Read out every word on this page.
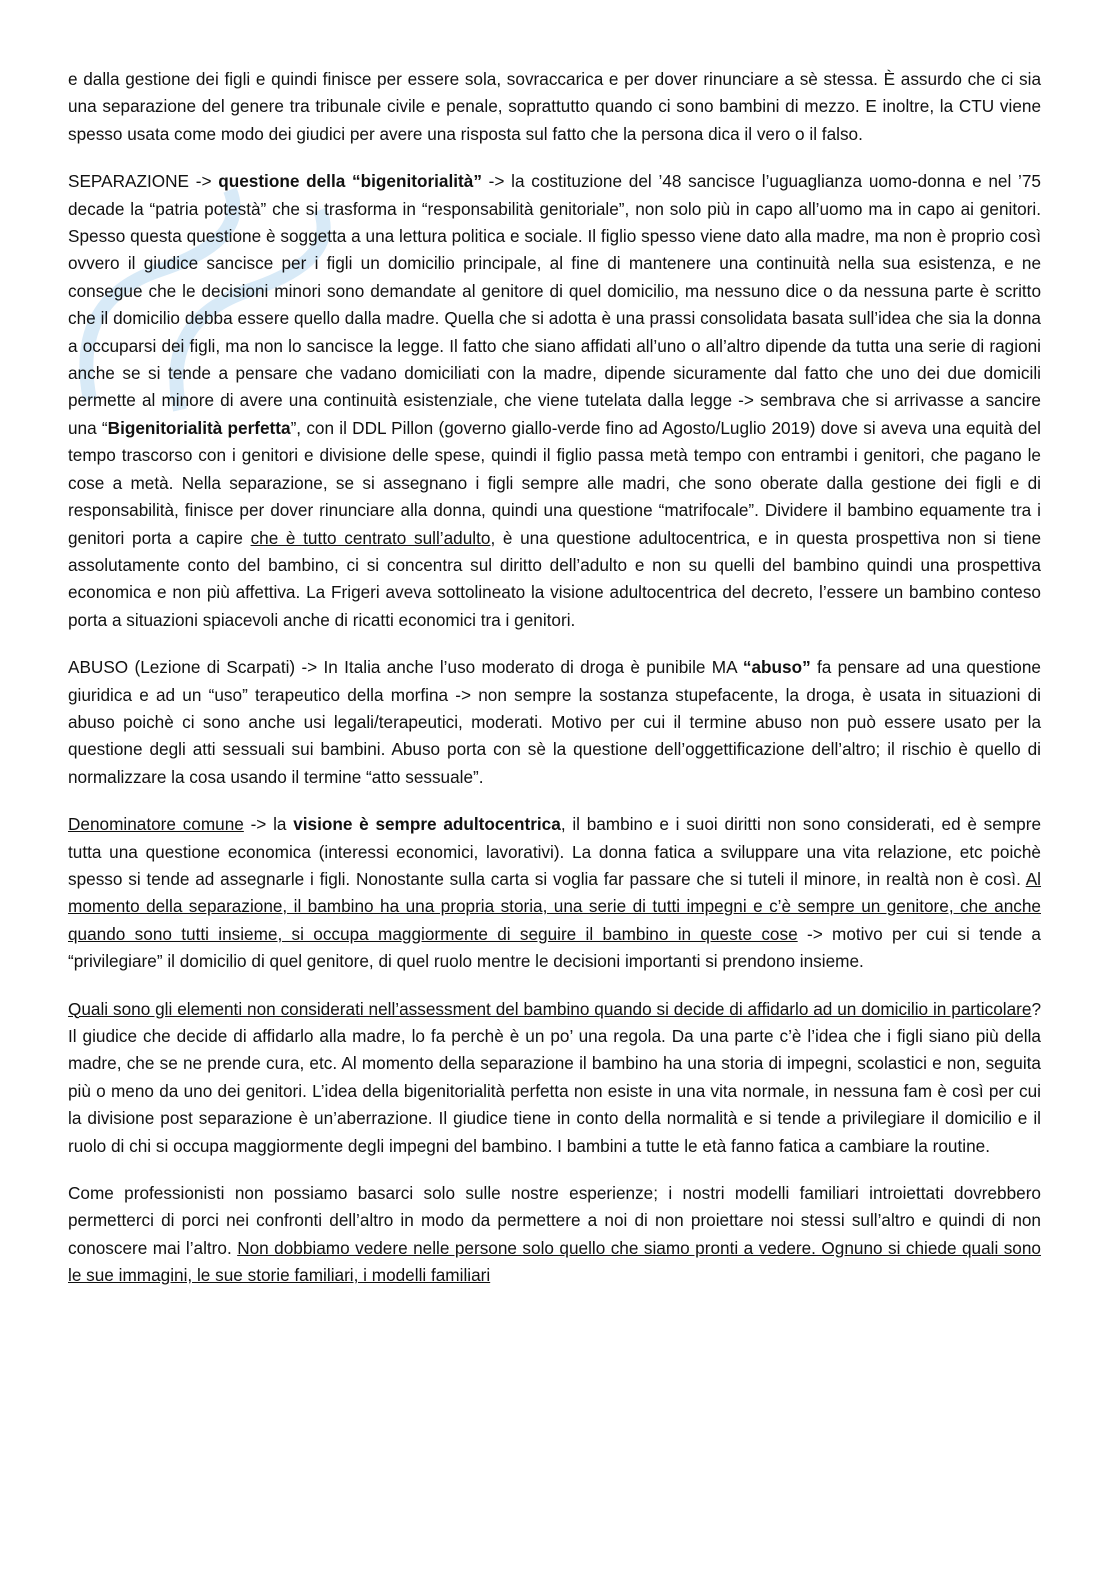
e dalla gestione dei figli e quindi finisce per essere sola, sovraccarica e per dover rinunciare a sè stessa. È assurdo che ci sia una separazione del genere tra tribunale civile e penale, soprattutto quando ci sono bambini di mezzo. E inoltre, la CTU viene spesso usata come modo dei giudici per avere una risposta sul fatto che la persona dica il vero o il falso.

SEPARAZIONE -> questione della “bigenitorialità” -> la costituzione del ’48 sancisce l’uguaglianza uomo-donna e nel ’75 decade la “patria potestà” che si trasforma in “responsabilità genitoriale”, non solo più in capo all’uomo ma in capo ai genitori. Spesso questa questione è soggetta a una lettura politica e sociale. Il figlio spesso viene dato alla madre, ma non è proprio così ovvero il giudice sancisce per i figli un domicilio principale, al fine di mantenere una continuità nella sua esistenza, e ne consegue che le decisioni minori sono demandate al genitore di quel domicilio, ma nessuno dice o da nessuna parte è scritto che il domicilio debba essere quello dalla madre. Quella che si adotta è una prassi consolidata basata sull’idea che sia la donna a occuparsi dei figli, ma non lo sancisce la legge. Il fatto che siano affidati all’uno o all’altro dipende da tutta una serie di ragioni anche se si tende a pensare che vadano domiciliati con la madre, dipende sicuramente dal fatto che uno dei due domicili permette al minore di avere una continuità esistenziale, che viene tutelata dalla legge -> sembrava che si arrivasse a sancire una “Bigenitorialità perfetta”, con il DDL Pillon (governo giallo-verde fino ad Agosto/Luglio 2019) dove si aveva una equità del tempo trascorso con i genitori e divisione delle spese, quindi il figlio passa metà tempo con entrambi i genitori, che pagano le cose a metà. Nella separazione, se si assegnano i figli sempre alle madri, che sono oberate dalla gestione dei figli e di responsabilità, finisce per dover rinunciare alla donna, quindi una questione “matrifocale”. Dividere il bambino equamente tra i genitori porta a capire che è tutto centrato sull’adulto, è una questione adultocentrica, e in questa prospettiva non si tiene assolutamente conto del bambino, ci si concentra sul diritto dell’adulto e non su quelli del bambino quindi una prospettiva economica e non più affettiva. La Frigeri aveva sottolineato la visione adultocentrica del decreto, l’essere un bambino conteso porta a situazioni spiacevoli anche di ricatti economici tra i genitori.

ABUSO (Lezione di Scarpati) -> In Italia anche l’uso moderato di droga è punibile MA “abuso” fa pensare ad una questione giuridica e ad un “uso” terapeutico della morfina -> non sempre la sostanza stupefacente, la droga, è usata in situazioni di abuso poichè ci sono anche usi legali/terapeutici, moderati. Motivo per cui il termine abuso non può essere usato per la questione degli atti sessuali sui bambini. Abuso porta con sè la questione dell’oggettificazione dell’altro; il rischio è quello di normalizzare la cosa usando il termine “atto sessuale”.

Denominatore comune -> la visione è sempre adultocentrica, il bambino e i suoi diritti non sono considerati, ed è sempre tutta una questione economica (interessi economici, lavorativi). La donna fatica a sviluppare una vita relazione, etc poichè spesso si tende ad assegnarle i figli. Nonostante sulla carta si voglia far passare che si tuteli il minore, in realtà non è così. Al momento della separazione, il bambino ha una propria storia, una serie di tutti impegni e c’è sempre un genitore, che anche quando sono tutti insieme, si occupa maggiormente di seguire il bambino in queste cose -> motivo per cui si tende a “privilegiare” il domicilio di quel genitore, di quel ruolo mentre le decisioni importanti si prendono insieme.

Quali sono gli elementi non considerati nell’assessment del bambino quando si decide di affidarlo ad un domicilio in particolare? Il giudice che decide di affidarlo alla madre, lo fa perchè è un po’ una regola. Da una parte c’è l’idea che i figli siano più della madre, che se ne prende cura, etc. Al momento della separazione il bambino ha una storia di impegni, scolastici e non, seguita più o meno da uno dei genitori. L’idea della bigenitorialità perfetta non esiste in una vita normale, in nessuna fam è così per cui la divisione post separazione è un’aberrazione. Il giudice tiene in conto della normalità e si tende a privilegiare il domicilio e il ruolo di chi si occupa maggiormente degli impegni del bambino. I bambini a tutte le età fanno fatica a cambiare la routine.

Come professionisti non possiamo basarci solo sulle nostre esperienze; i nostri modelli familiari introiettati dovrebbero permetterci di porci nei confronti dell’altro in modo da permettere a noi di non proiettare noi stessi sull’altro e quindi di non conoscere mai l’altro. Non dobbiamo vedere nelle persone solo quello che siamo pronti a vedere. Ognuno si chiede quali sono le sue immagini, le sue storie familiari, i modelli familiari
